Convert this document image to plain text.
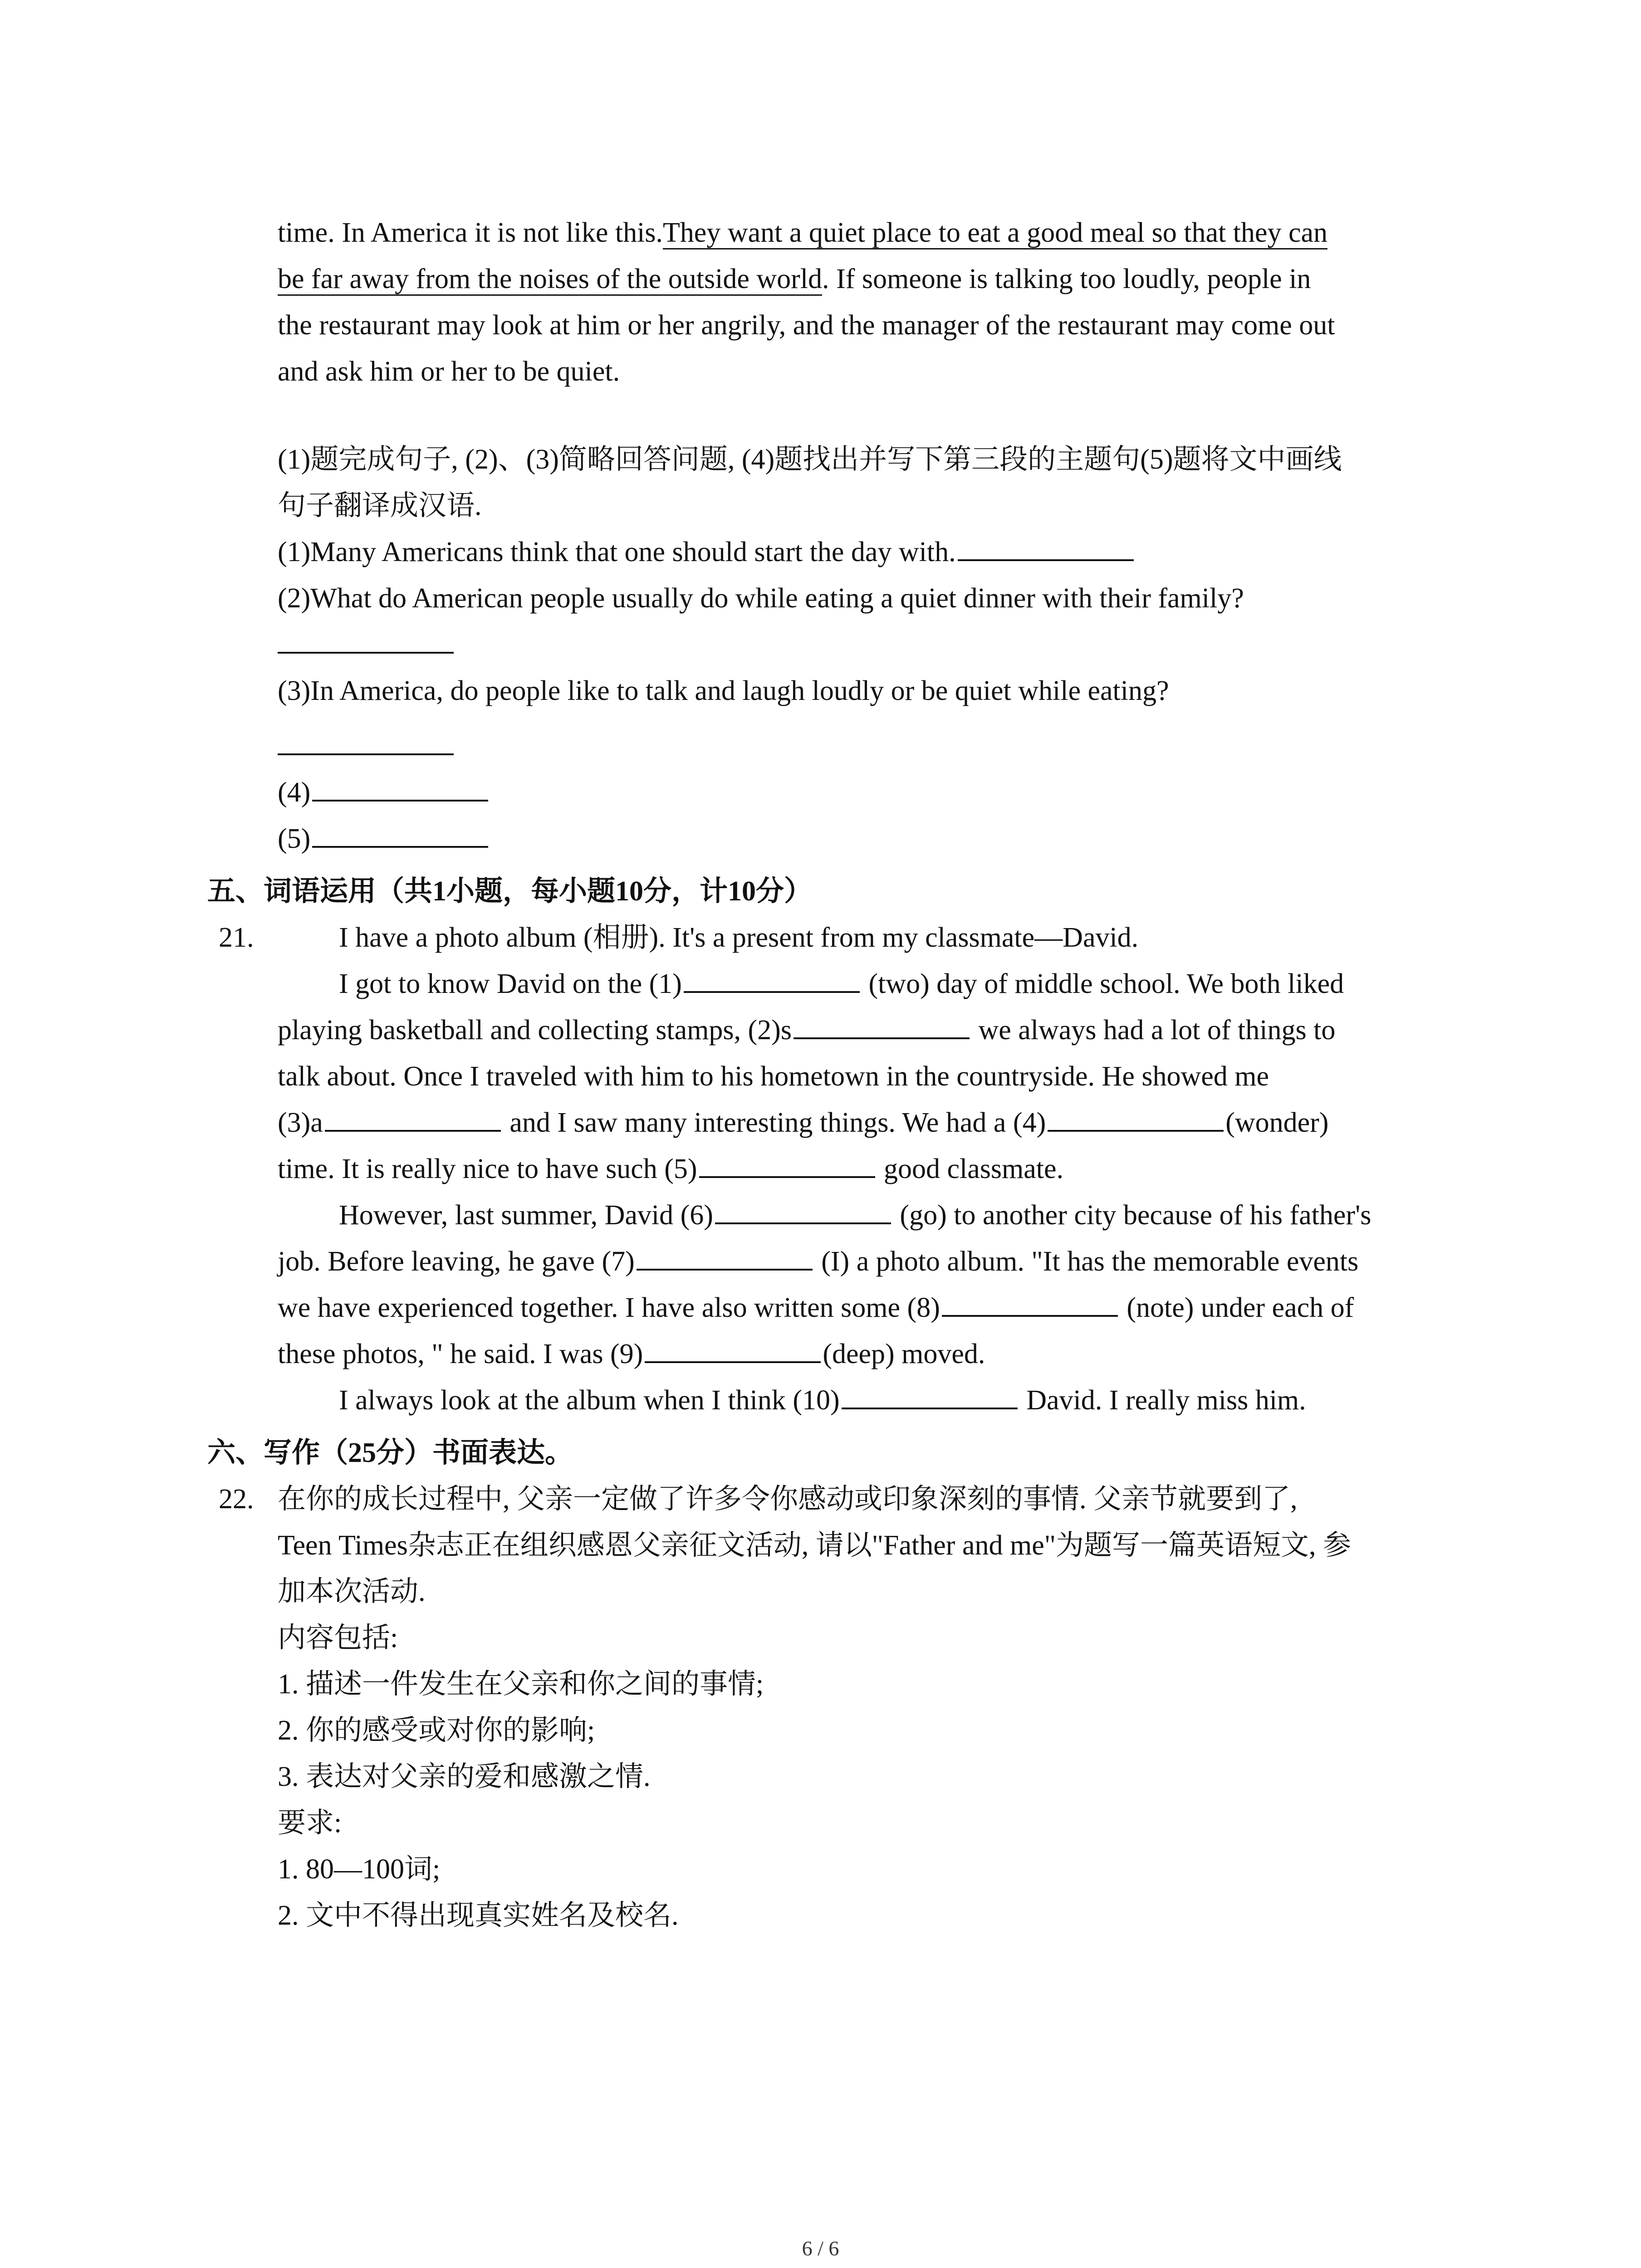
time. In America it is not like this.They want a quiet place to eat a good meal so that they can
be far away from the noises of the outside world. If someone is talking too loudly, people in
the restaurant may look at him or her angrily, and the manager of the restaurant may come out
and ask him or her to be quiet.
(1)题完成句子, (2)、(3)简略回答问题, (4)题找出并写下第三段的主题句(5)题将文中画线
句子翻译成汉语.
(1)Many Americans think that one should start the day with.
(2)What do American people usually do while eating a quiet dinner with their family?
(3)In America, do people like to talk and laugh loudly or be quiet while eating?
(4)
(5)
五、词语运用（共1小题，每小题10分，计10分）
21.	I have a photo album (相册). It's a present from my classmate—David.
I got to know David on the (1)	(two) day of middle school. We both liked
playing basketball and collecting stamps, (2)s	we always had a lot of things to
talk about. Once I traveled with him to his hometown in the countryside. He showed me
(3)a	and I saw many interesting things. We had a (4)	(wonder)
time. It is really nice to have such (5)	good classmate.
However, last summer, David (6)	(go) to another city because of his father's
job. Before leaving, he gave (7)	(I) a photo album. "It has the memorable events
we have experienced together. I have also written some (8)	(note) under each of
these photos, " he said. I was (9)	(deep) moved.
I always look at the album when I think (10)	David. I really miss him.
六、写作（25分）书面表达。
22. 在你的成长过程中, 父亲一定做了许多令你感动或印象深刻的事情. 父亲节就要到了,
Teen Times杂志正在组织感恩父亲征文活动, 请以"Father and me"为题写一篇英语短文, 参
加本次活动.
内容包括:
1. 描述一件发生在父亲和你之间的事情;
2. 你的感受或对你的影响;
3. 表达对父亲的爱和感激之情.
要求:
1. 80—100词;
2. 文中不得出现真实姓名及校名.
6 / 6
